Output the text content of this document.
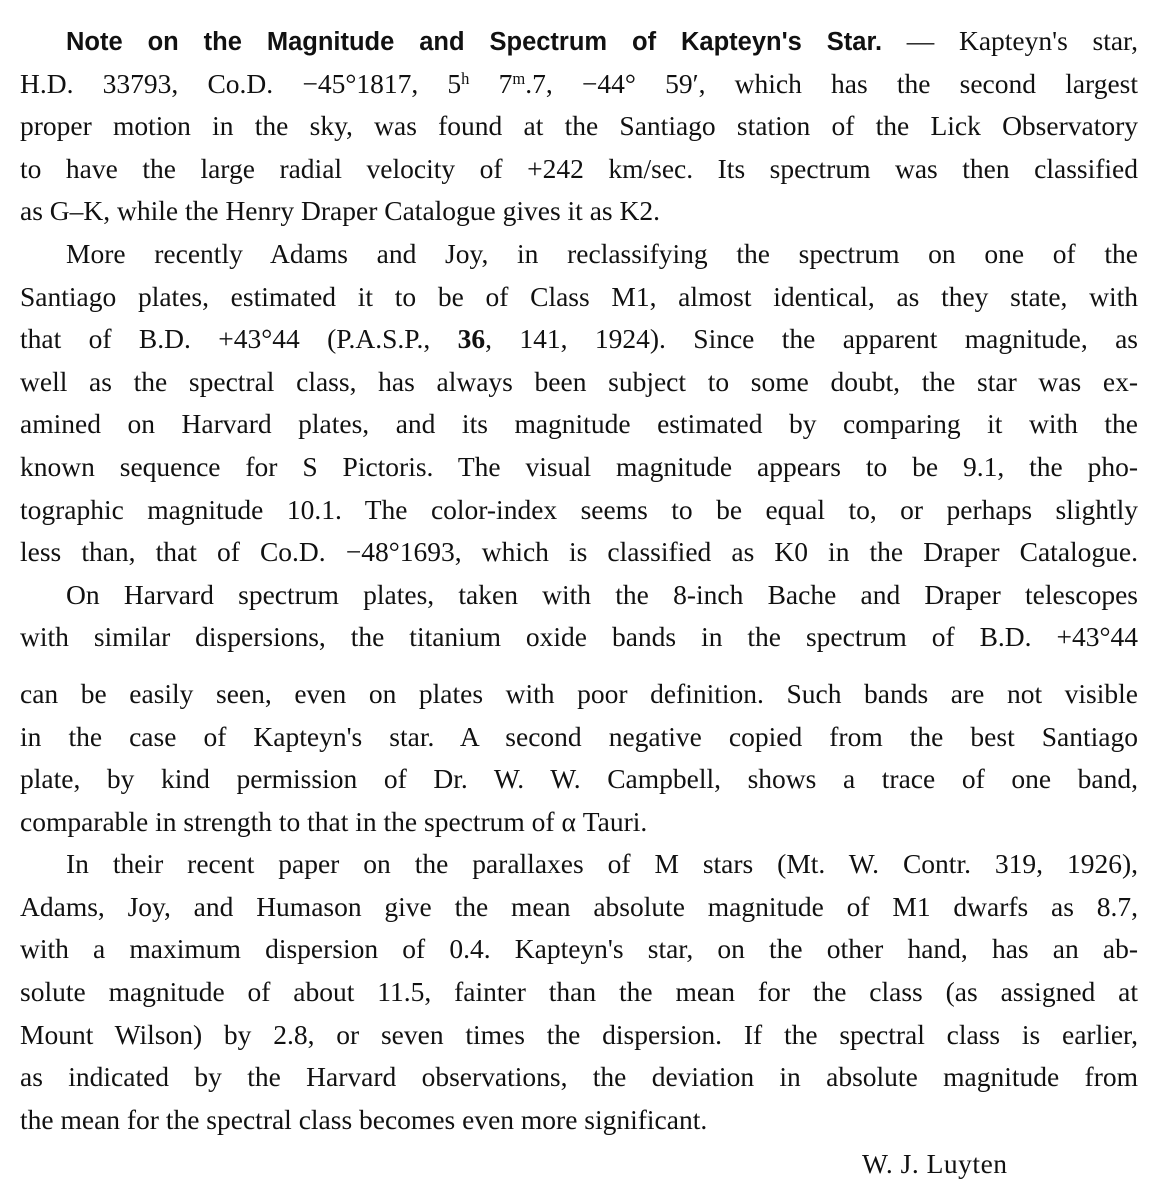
Note on the Magnitude and Spectrum of Kapteyn's Star. — Kapteyn's star,
H.D. 33793, Co.D. −45°1817, 5$^h$ $7^m.7$, −44° 59′, which has the second largest
proper motion in the sky, was found at the Santiago station of the Lick Observatory
to have the large radial velocity of +242 km/sec. Its spectrum was then classified
as G–K, while the Henry Draper Catalogue gives it as K2.
More recently Adams and Joy, in reclassifying the spectrum on one of the
Santiago plates, estimated it to be of Class M1, almost identical, as they state, with
that of B.D. +43°44 (P.A.S.P., 36, 141, 1924). Since the apparent magnitude, as
well as the spectral class, has always been subject to some doubt, the star was ex-
amined on Harvard plates, and its magnitude estimated by comparing it with the
known sequence for S Pictoris. The visual magnitude appears to be 9.1, the pho-
tographic magnitude 10.1. The color-index seems to be equal to, or perhaps slightly
less than, that of Co.D. −48°1693, which is classified as K0 in the Draper Catalogue.
On Harvard spectrum plates, taken with the 8-inch Bache and Draper telescopes
with similar dispersions, the titanium oxide bands in the spectrum of B.D. +43°44
can be easily seen, even on plates with poor definition. Such bands are not visible
in the case of Kapteyn's star. A second negative copied from the best Santiago
plate, by kind permission of Dr. W. W. Campbell, shows a trace of one band,
comparable in strength to that in the spectrum of α Tauri.
In their recent paper on the parallaxes of M stars (Mt. W. Contr. 319, 1926),
Adams, Joy, and Humason give the mean absolute magnitude of M1 dwarfs as 8.7,
with a maximum dispersion of 0.4. Kapteyn's star, on the other hand, has an ab-
solute magnitude of about 11.5, fainter than the mean for the class (as assigned at
Mount Wilson) by 2.8, or seven times the dispersion. If the spectral class is earlier,
as indicated by the Harvard observations, the deviation in absolute magnitude from
the mean for the spectral class becomes even more significant.
W. J. Luyten
